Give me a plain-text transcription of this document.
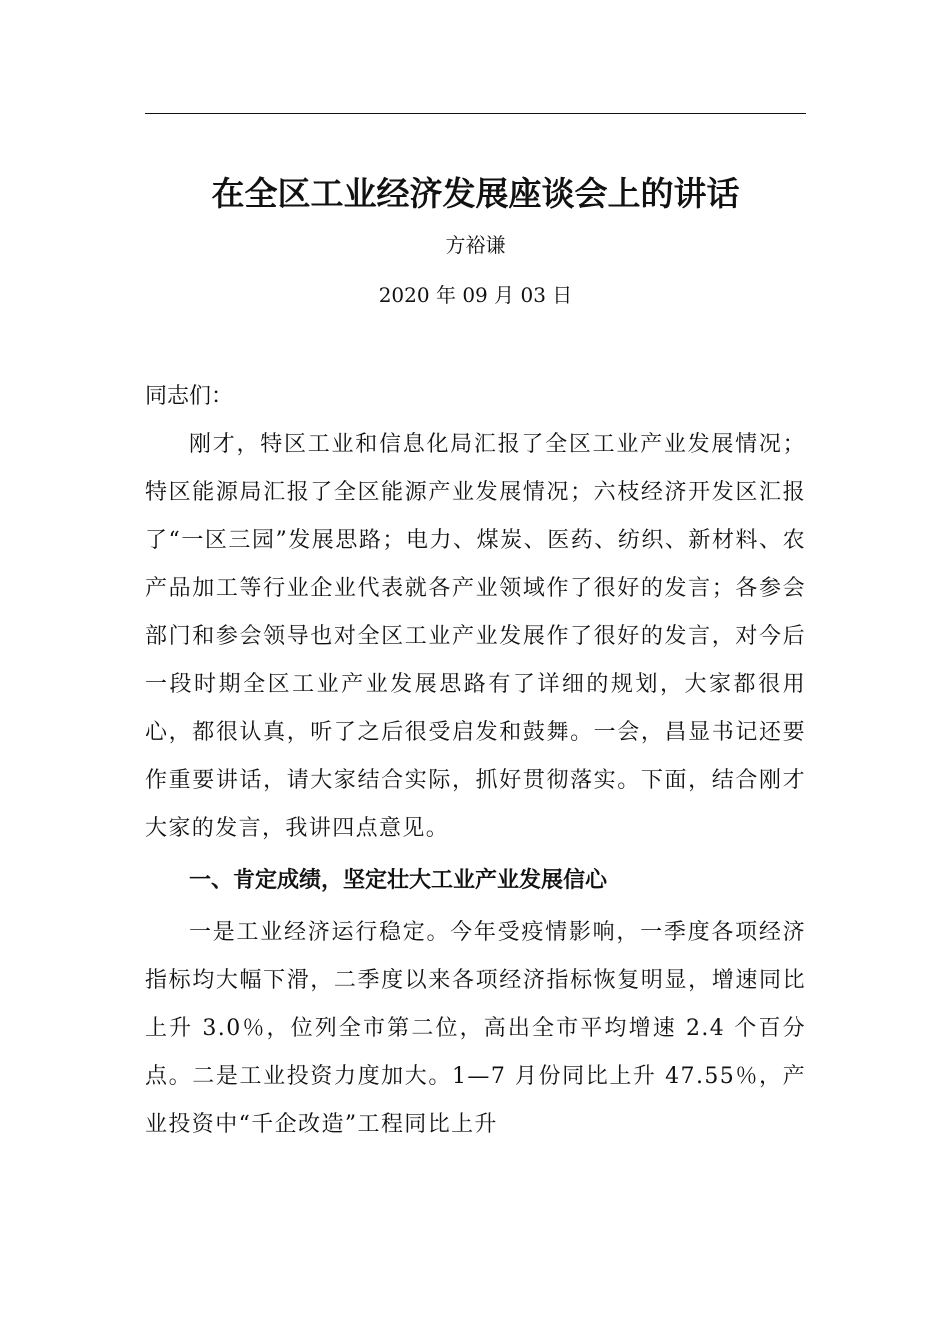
在全区工业经济发展座谈会上的讲话
方裕谦
2020 年 09 月 03 日

同志们：

刚才，特区工业和信息化局汇报了全区工业产业发展情况；特区能源局汇报了全区能源产业发展情况；六枝经济开发区汇报了“一区三园”发展思路；电力、煤炭、医药、纺织、新材料、农产品加工等行业企业代表就各产业领域作了很好的发言；各参会部门和参会领导也对全区工业产业发展作了很好的发言，对今后一段时期全区工业产业发展思路有了详细的规划，大家都很用心，都很认真，听了之后很受启发和鼓舞。一会，昌显书记还要作重要讲话，请大家结合实际，抓好贯彻落实。下面，结合刚才大家的发言，我讲四点意见。

一、肯定成绩，坚定壮大工业产业发展信心

一是工业经济运行稳定。今年受疫情影响，一季度各项经济指标均大幅下滑，二季度以来各项经济指标恢复明显，增速同比上升 3.0％，位列全市第二位，高出全市平均增速 2.4 个百分点。二是工业投资力度加大。1—7 月份同比上升 47.55％，产业投资中“千企改造”工程同比上升
